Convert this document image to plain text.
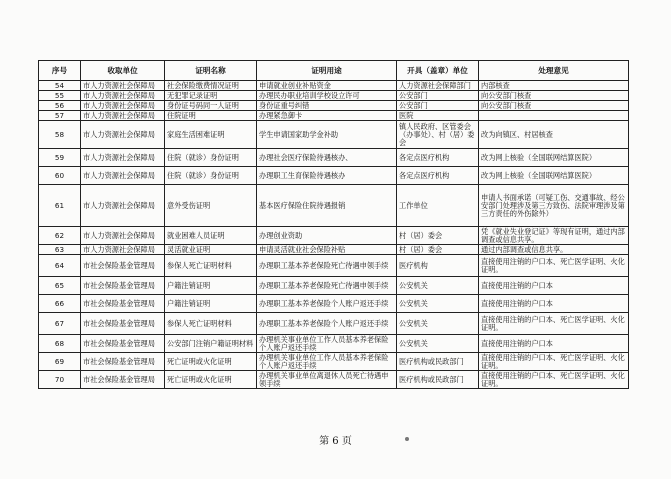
序号	收取单位	证明名称	证明用途	开具（盖章）单位	处理意见
54	市人力资源社会保障局	社会保险缴费情况证明	申请就业创业补贴资金	人力资源社会保障部门	内部核查
55	市人力资源社会保障局	无犯罪记录证明	办理民办职业培训学校设立许可	公安部门	向公安部门核查
56	市人力资源社会保障局	身份证号码同一人证明	身份证重号纠错	公安部门	向公安部门核查
57	市人力资源社会保障局	住院证明	办理紧急御卡	医院	
58	市人力资源社会保障局	家庭生活困难证明	学生申请国家助学金补助	镇人民政府、区管委会（办事处）、村（居）委会	改为向镇区、村居核查
59	市人力资源社会保障局	住院（就诊）身份证明	办理社会医疗保险待遇核办、	各定点医疗机构	改为网上核验（全国联网结算医院）
60	市人力资源社会保障局	住院（就诊）身份证明	办理职工生育保险待遇核办	各定点医疗机构	改为网上核验（全国联网结算医院）
61	市人力资源社会保障局	意外受伤证明	基本医疗保险住院待遇报销	工作单位	申请人书面承诺（可疑工伤、交通事故、经公安部门处理涉及第三方致伤、法院审理涉及第三方责任的外伤除外）
62	市人力资源社会保障局	就业困难人员证明	办理创业资助	村（居）委会	凭《就业失业登记证》等现有证明，通过内部调查或信息共享。
63	市人力资源社会保障局	灵活就业证明	申请灵活就业社会保险补贴	村（居）委会	通过内部调查或信息共享。
64	市社会保险基金管理局	参保人死亡证明材料	办理职工基本养老保险死亡待遇申领手续	医疗机构	直接使用注销的户口本、死亡医学证明、火化证明。
65	市社会保险基金管理局	户籍注销证明	办理职工基本养老保险死亡待遇申领手续	公安机关	直接使用注销的户口本
66	市社会保险基金管理局	户籍注销证明	办理职工基本养老保险个人账户返还手续	公安机关	直接使用注销的户口本
67	市社会保险基金管理局	参保人死亡证明材料	办理职工基本养老保险个人账户返还手续	公安机关	直接使用注销的户口本、死亡医学证明、火化证明。
68	市社会保险基金管理局	公安部门注销户籍证明材料	办理机关事业单位工作人员基本养老保险个人账户返还手续	公安机关	直接使用注销的户口本
69	市社会保险基金管理局	死亡证明或火化证明	办理机关事业单位工作人员基本养老保险个人账户返还手续	医疗机构或民政部门	直接使用注销的户口本、死亡医学证明、火化证明。
70	市社会保险基金管理局	死亡证明或火化证明	办理机关事业单位离退休人员死亡待遇申领手续	医疗机构或民政部门	直接使用注销的户口本、死亡医学证明、火化证明。
第 6 页
